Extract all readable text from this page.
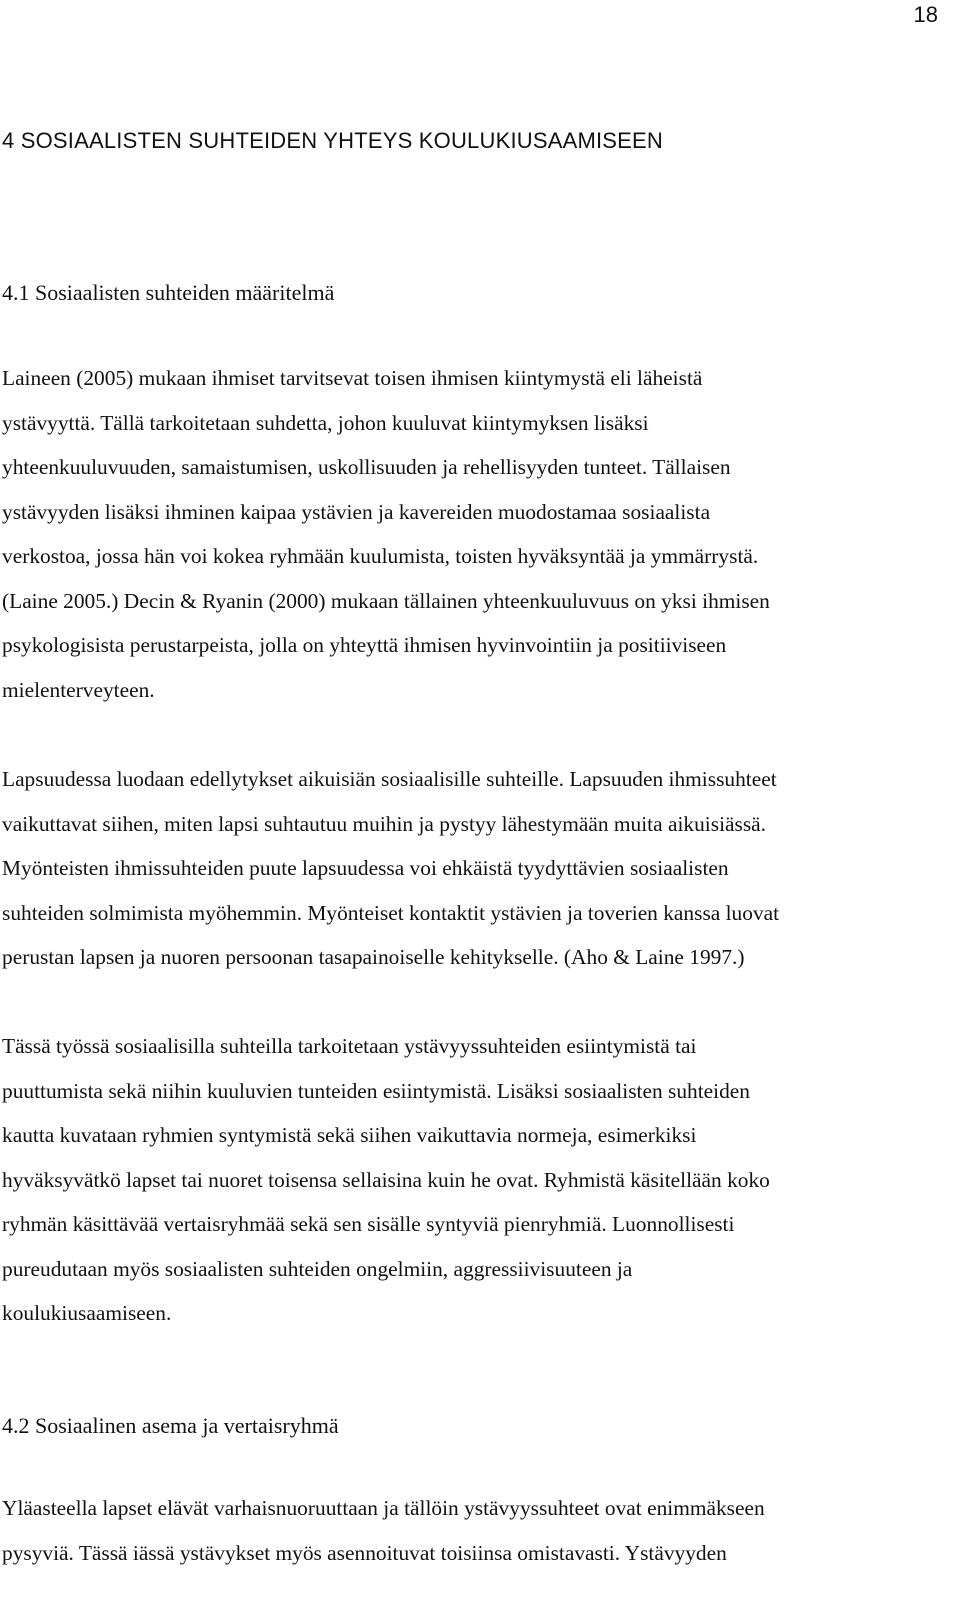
18
4 SOSIAALISTEN SUHTEIDEN YHTEYS KOULUKIUSAAMISEEN
4.1 Sosiaalisten suhteiden määritelmä

Laineen (2005) mukaan ihmiset tarvitsevat toisen ihmisen kiintymystä eli läheistä
ystävyyttä. Tällä tarkoitetaan suhdetta, johon kuuluvat kiintymyksen lisäksi
yhteenkuuluvuuden, samaistumisen, uskollisuuden ja rehellisyyden tunteet. Tällaisen
ystävyyden lisäksi ihminen kaipaa ystävien ja kavereiden muodostamaa sosiaalista
verkostoa, jossa hän voi kokea ryhmään kuulumista, toisten hyväksyntää ja ymmärrystä.
(Laine 2005.) Decin & Ryanin (2000) mukaan tällainen yhteenkuuluvuus on yksi ihmisen
psykologisista perustarpeista, jolla on yhteyttä ihmisen hyvinvointiin ja positiiviseen
mielenterveyteen.

Lapsuudessa luodaan edellytykset aikuisiän sosiaalisille suhteille. Lapsuuden ihmissuhteet
vaikuttavat siihen, miten lapsi suhtautuu muihin ja pystyy lähestymään muita aikuisiässä.
Myönteisten ihmissuhteiden puute lapsuudessa voi ehkäistä tyydyttävien sosiaalisten
suhteiden solmimista myöhemmin. Myönteiset kontaktit ystävien ja toverien kanssa luovat
perustan lapsen ja nuoren persoonan tasapainoiselle kehitykselle. (Aho & Laine 1997.)

Tässä työssä sosiaalisilla suhteilla tarkoitetaan ystävyyssuhteiden esiintymistä tai
puuttumista sekä niihin kuuluvien tunteiden esiintymistä. Lisäksi sosiaalisten suhteiden
kautta kuvataan ryhmien syntymistä sekä siihen vaikuttavia normeja, esimerkiksi
hyväksyvätkö lapset tai nuoret toisensa sellaisina kuin he ovat. Ryhmistä käsitellään koko
ryhmän käsittävää vertaisryhmää sekä sen sisälle syntyviä pienryhmiä. Luonnollisesti
pureudutaan myös sosiaalisten suhteiden ongelmiin, aggressiivisuuteen ja
koulukiusaamiseen.

4.2 Sosiaalinen asema ja vertaisryhmä

Yläasteella lapset elävät varhaisnuoruuttaan ja tällöin ystävyyssuhteet ovat enimmäkseen
pysyviä. Tässä iässä ystävykset myös asennoituvat toisiinsa omistavasti. Ystävyyden
